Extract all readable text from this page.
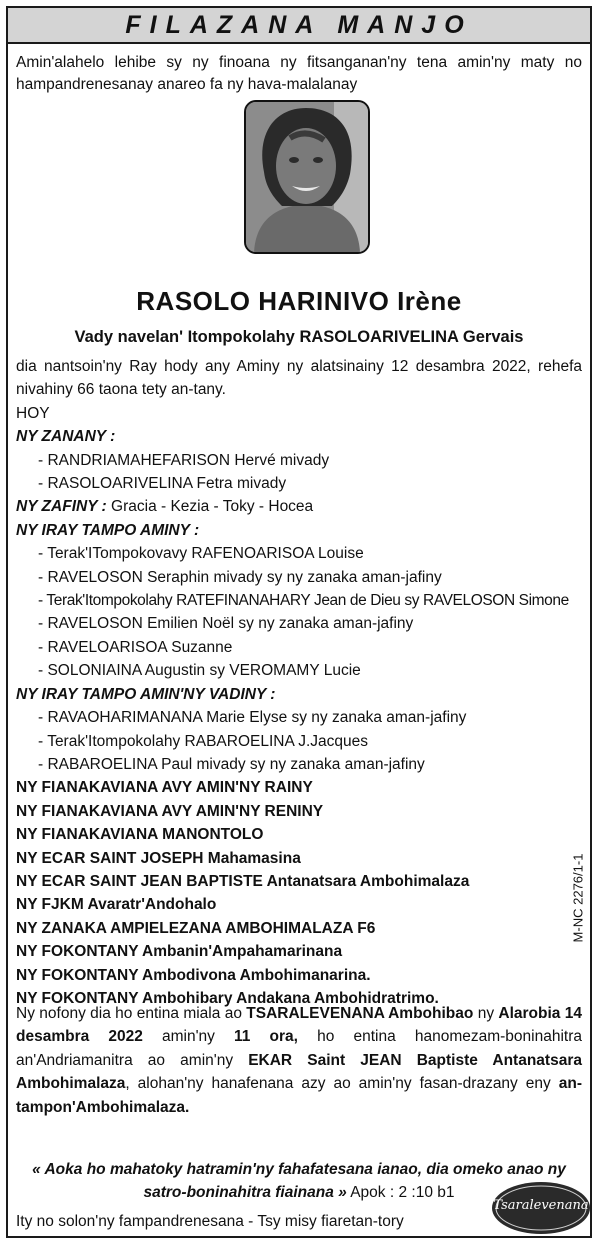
FILAZANA MANJO
Amin'alahelo lehibe sy ny finoana ny fitsanganan'ny tena amin'ny maty no hampandrenesanay anareo fa ny hava-malalanay
RASOLO HARINIVO Irène
Vady navelan' Itompokolahy RASOLOARIVELINA Gervais
dia nantsoin'ny Ray hody any Aminy ny alatsinainy 12 desambra 2022, rehefa nivahiny 66 taona tety an-tany.
HOY
NY ZANANY :
- RANDRIAMAHEFARISON Hervé mivady
- RASOLOARIVELINA Fetra mivady
NY ZAFINY : Gracia - Kezia - Toky - Hocea
NY IRAY TAMPO AMINY :
- Terak'ITompokovavy RAFENOARISOA Louise
- RAVELOSON Seraphin mivady sy ny zanaka aman-jafiny
- Terak'Itompokolahy RATEFINANAHARY Jean de Dieu sy RAVELOSON Simone
- RAVELOSON Emilien Noël sy ny zanaka aman-jafiny
- RAVELOARISOA Suzanne
- SOLONIAINA Augustin sy VEROMAMY Lucie
NY IRAY TAMPO AMIN'NY VADINY :
- RAVAOHARIMANANA Marie Elyse sy ny zanaka aman-jafiny
- Terak'Itompokolahy RABAROELINA J.Jacques
- RABAROELINA Paul mivady sy ny zanaka aman-jafiny
NY FIANAKAVIANA AVY AMIN'NY RAINY
NY FIANAKAVIANA AVY AMIN'NY RENINY
NY FIANAKAVIANA MANONTOLO
NY ECAR SAINT JOSEPH Mahamasina
NY ECAR SAINT JEAN BAPTISTE Antanatsara Ambohimalaza
NY FJKM Avaratr'Andohalo
NY ZANAKA AMPIELEZANA AMBOHIMALAZA F6
NY FOKONTANY Ambanin'Ampahamarinana
NY FOKONTANY Ambodivona Ambohimanarina.
NY FOKONTANY Ambohibary Andakana Ambohidratrimo.
M-NC 2276/1-1
Ny nofony dia ho entina miala ao TSARALEVENANA Ambohibao ny Alarobia 14 desambra 2022 amin'ny 11 ora, ho entina hanomezam-boninahitra an'Andriamanitra ao amin'ny EKAR Saint JEAN Baptiste Antanatsara Ambohimalaza, alohan'ny hanafenana azy ao amin'ny fasan-drazany eny an-tampon'Ambohimalaza.
« Aoka ho mahatoky hatramin'ny fahafatesana ianao, dia omeko anao ny satro-boninahitra fiainana » Apok : 2 :10 b1
Ity no solon'ny fampandrenesana - Tsy misy fiaretan-tory
Tsaralevenana
